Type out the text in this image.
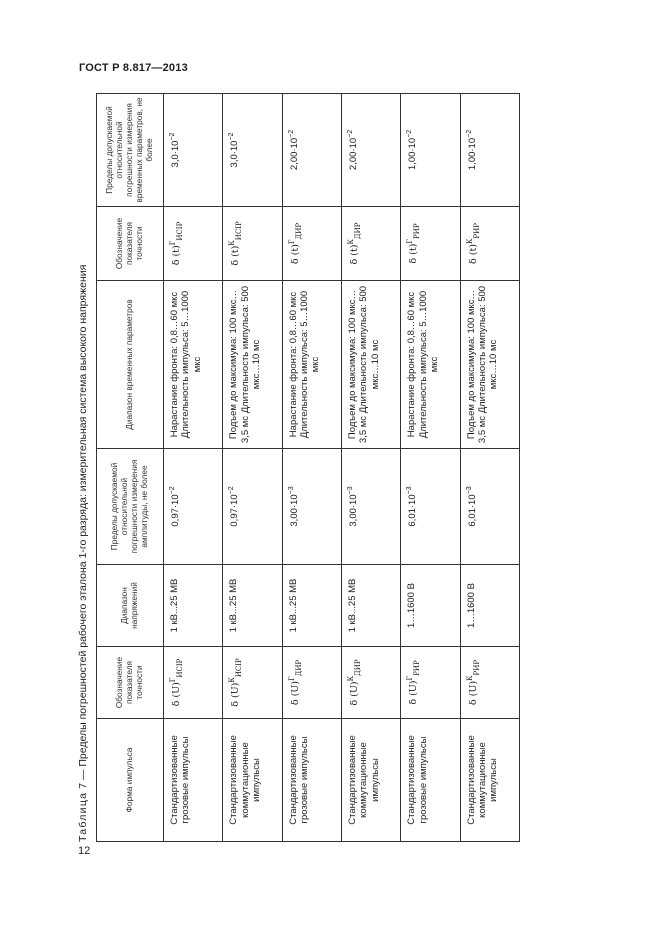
ГОСТ Р 8.817—2013
Таблица 7 — Пределы погрешностей рабочего эталона 1-го разряда: измерительная система высокого напряжения	Форма импульса	Обозначение показателя точности	Диапазон напряжений	Пределы допускаемой относительной погрешности измерения амплитуды, не более	Диапазон временных параметров	Обозначение показателя точности	Пределы допускаемой относительной погрешности измерения временных параметров, не более
Стандартизованные грозовые импульсы	δ $(U)^Г_{ИСІР}$	1 кВ...25 МВ	$0,97\cdot 10^{-2}$	Нарастание фронта: 0,8…60 мкс Длительность импульса: 5…1000 мкс	δ $(t)^Г_{ИСІР}$	$3,0\cdot 10^{-2}$
Стандартизованные коммутационные импульсы	δ $(U)^К_{ИСІР}$	1 кВ...25 МВ	$0,97\cdot 10^{-2}$	Подъем до максимума: 100 мкс…3,5 мс Длительность импульса: 500 мкс…10 мс	δ $(t)^К_{ИСІР}$	$3,0\cdot 10^{-2}$
Стандартизованные грозовые импульсы	δ $(U)^Г_{ДИР}$	1 кВ...25 МВ	$3,00\cdot 10^{-3}$	Нарастание фронта: 0,8…60 мкс Длительность импульса: 5…1000 мкс	δ $(t)^Г_{ДИР}$	$2,00\cdot 10^{-2}$
Стандартизованные коммутационные импульсы	δ $(U)^К_{ДИР}$	1 кВ...25 МВ	$3,00\cdot 10^{-3}$	Подъем до максимума: 100 мкс…3,5 мс Длительность импульса: 500 мкс…10 мс	δ $(t)^К_{ДИР}$	$2,00\cdot 10^{-2}$
Стандартизованные грозовые импульсы	δ $(U)^Г_{РИР}$	1…1600 В	$6,01\cdot 10^{-3}$	Нарастание фронта: 0,8…60 мкс Длительность импульса: 5…1000 мкс	δ $(t)^Г_{РИР}$	$1,00\cdot 10^{-2}$
Стандартизованные коммутационные импульсы	δ $(U)^К_{РИР}$	1…1600 В	$6,01\cdot 10^{-3}$	Подъем до максимума: 100 мкс…3,5 мс Длительность импульса: 500 мкс…10 мс	δ $(t)^К_{РИР}$	$1,00\cdot 10^{-2}$
12
